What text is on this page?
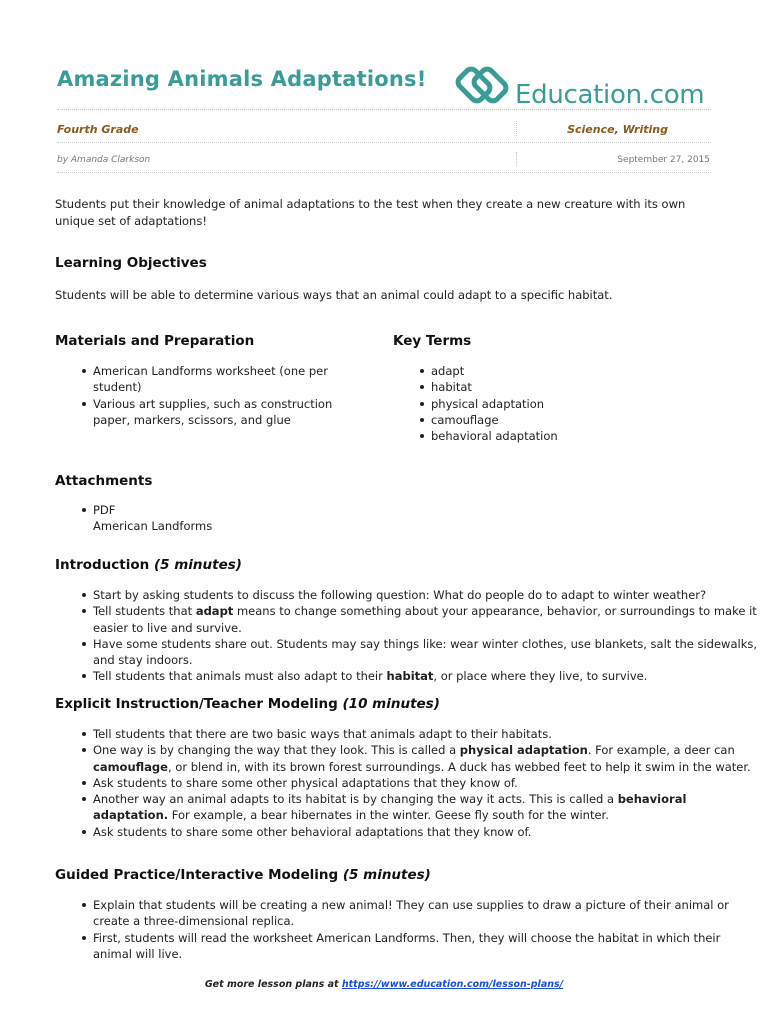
Amazing Animals Adaptations!
Education.com
Fourth Grade	Science, Writing
by Amanda Clarkson	September 27, 2015
Students put their knowledge of animal adaptations to the test when they create a new creature with its own unique set of adaptations!
Learning Objectives
Students will be able to determine various ways that an animal could adapt to a specific habitat.
Materials and Preparation
American Landforms worksheet (one per student)
Various art supplies, such as construction paper, markers, scissors, and glue
Key Terms
adapt
habitat
physical adaptation
camouflage
behavioral adaptation
Attachments
PDF
American Landforms
Introduction (5 minutes)
Start by asking students to discuss the following question: What do people do to adapt to winter weather?
Tell students that adapt means to change something about your appearance, behavior, or surroundings to make it easier to live and survive.
Have some students share out. Students may say things like: wear winter clothes, use blankets, salt the sidewalks, and stay indoors.
Tell students that animals must also adapt to their habitat, or place where they live, to survive.
Explicit Instruction/Teacher Modeling (10 minutes)
Tell students that there are two basic ways that animals adapt to their habitats.
One way is by changing the way that they look. This is called a physical adaptation. For example, a deer can camouflage, or blend in, with its brown forest surroundings. A duck has webbed feet to help it swim in the water.
Ask students to share some other physical adaptations that they know of.
Another way an animal adapts to its habitat is by changing the way it acts. This is called a behavioral adaptation. For example, a bear hibernates in the winter. Geese fly south for the winter.
Ask students to share some other behavioral adaptations that they know of.
Guided Practice/Interactive Modeling (5 minutes)
Explain that students will be creating a new animal! They can use supplies to draw a picture of their animal or create a three-dimensional replica.
First, students will read the worksheet American Landforms. Then, they will choose the habitat in which their animal will live.
Get more lesson plans at https://www.education.com/lesson-plans/
